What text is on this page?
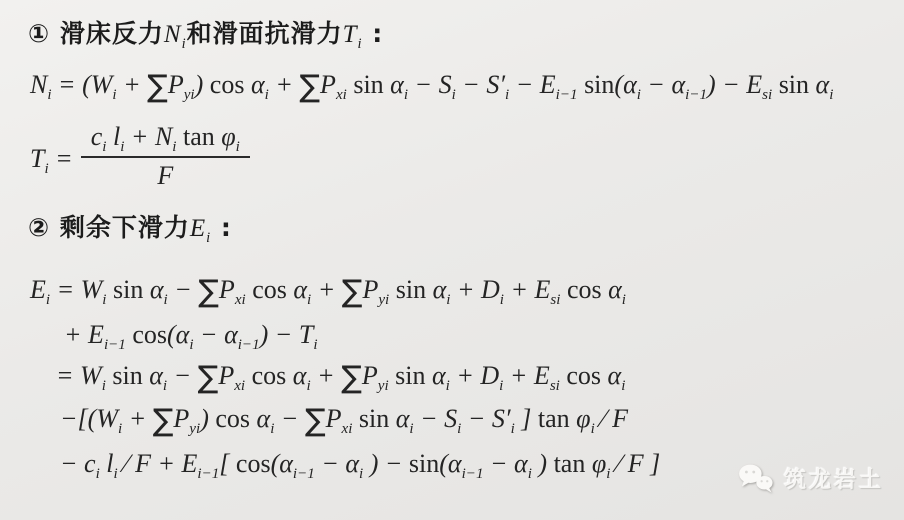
① 滑床反力$N_i$和滑面抗滑力$T_i$ :
$N_i = (W_i + \sum P_{yi})$ $\cos \alpha_i + \sum P_{xi}$ $\sin \alpha_i - S_i - S'_i - E_{i-1}$ $\sin(\alpha_i - \alpha_{i-1}) - E_{si}$ $\sin \alpha_i$
$T_i = \frac{c_i l_i + N_i \tan \varphi_i}{F}$
② 剩余下滑力$E_i$ :
$E_i = W_i$ $\sin \alpha_i - \sum P_{xi}$ $\cos \alpha_i + \sum P_{yi}$ $\sin \alpha_i + D_i + E_{si}$ $\cos \alpha_i$
+ $E_{i-1}$ $\cos(\alpha_i - \alpha_{i-1}) - T_i$
= $W_i$ $\sin \alpha_i - \sum P_{xi}$ $\cos \alpha_i + \sum P_{yi}$ $\sin \alpha_i + D_i + E_{si}$ $\cos \alpha_i$
$-[(W_i + \sum P_{yi})$ $\cos \alpha_i - \sum P_{xi}$ $\sin \alpha_i - S_i - S'_i$ ] $\tan \varphi_i$ ⁄ F
− $c_i$ $l_i$ ⁄ $F + E_{i-1}$[ $\cos(\alpha_{i-1} - \alpha_i$ ) − $\sin(\alpha_{i-1} - \alpha_i$ ) $\tan \varphi_i$ ⁄ F ]
筑龙岩土
